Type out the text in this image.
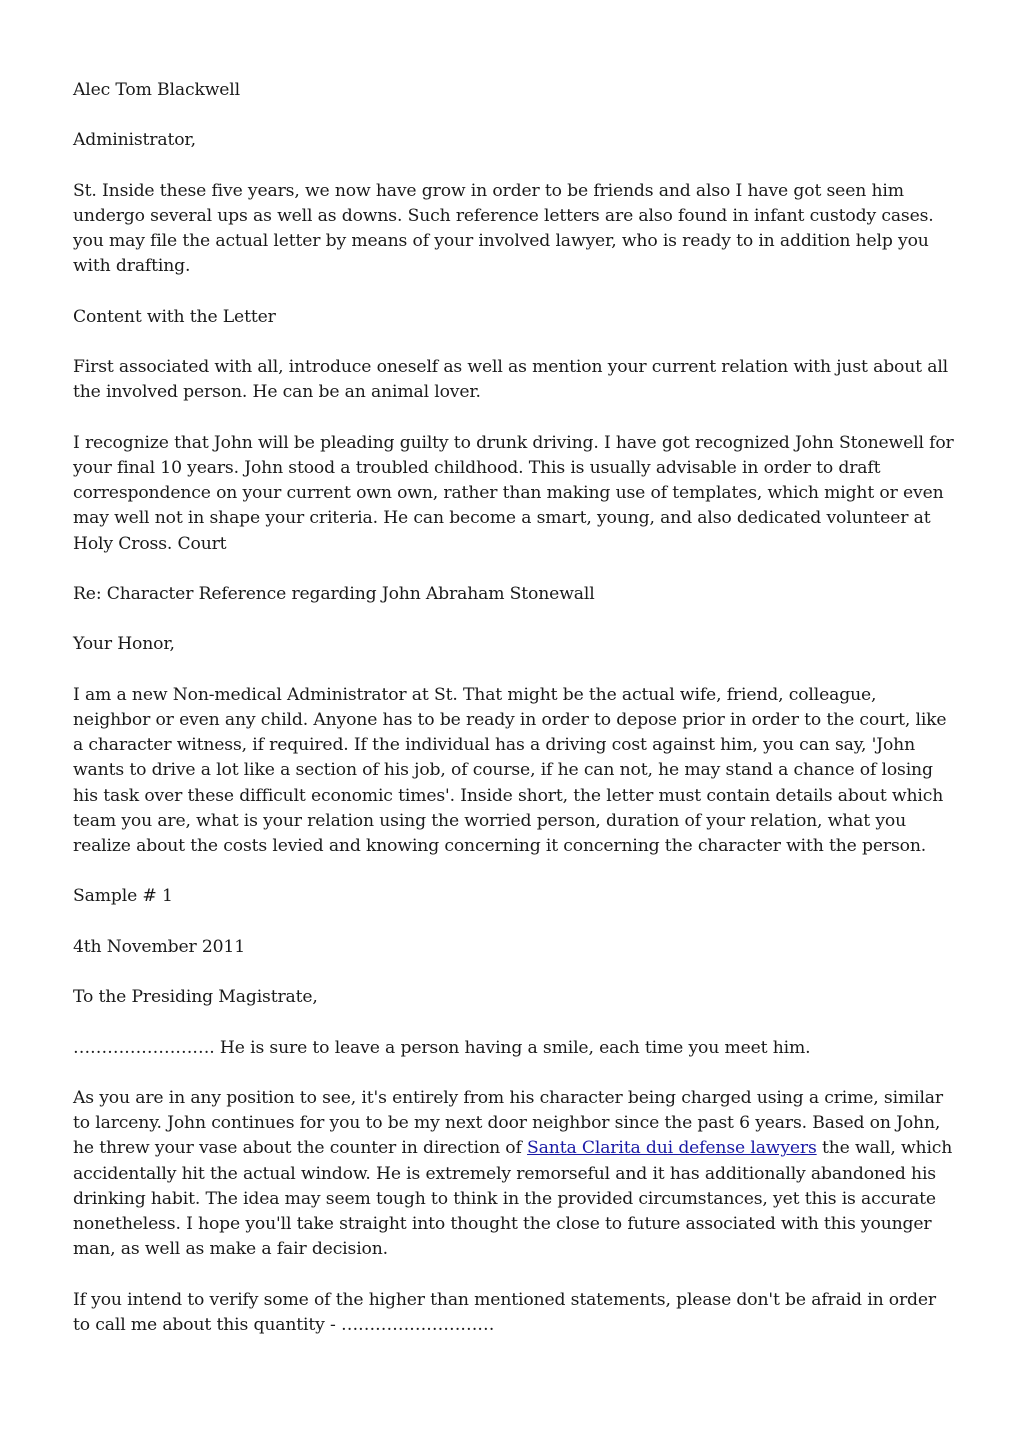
Alec Tom Blackwell

Administrator,

St. Inside these five years, we now have grow in order to be friends and also I have got seen him undergo several ups as well as downs. Such reference letters are also found in infant custody cases. you may file the actual letter by means of your involved lawyer, who is ready to in addition help you with drafting.

Content with the Letter

First associated with all, introduce oneself as well as mention your current relation with just about all the involved person. He can be an animal lover.

I recognize that John will be pleading guilty to drunk driving. I have got recognized John Stonewell for your final 10 years. John stood a troubled childhood. This is usually advisable in order to draft correspondence on your current own own, rather than making use of templates, which might or even may well not in shape your criteria. He can become a smart, young, and also dedicated volunteer at Holy Cross. Court

Re: Character Reference regarding John Abraham Stonewall

Your Honor,

I am a new Non-medical Administrator at St. That might be the actual wife, friend, colleague, neighbor or even any child. Anyone has to be ready in order to depose prior in order to the court, like a character witness, if required. If the individual has a driving cost against him, you can say, 'John wants to drive a lot like a section of his job, of course, if he can not, he may stand a chance of losing his task over these difficult economic times'. Inside short, the letter must contain details about which team you are, what is your relation using the worried person, duration of your relation, what you realize about the costs levied and knowing concerning it concerning the character with the person.

Sample # 1

4th November 2011

To the Presiding Magistrate,

……………………. He is sure to leave a person having a smile, each time you meet him.

As you are in any position to see, it's entirely from his character being charged using a crime, similar to larceny. John continues for you to be my next door neighbor since the past 6 years. Based on John, he threw your vase about the counter in direction of Santa Clarita dui defense lawyers the wall, which accidentally hit the actual window. He is extremely remorseful and it has additionally abandoned his drinking habit. The idea may seem tough to think in the provided circumstances, yet this is accurate nonetheless. I hope you'll take straight into thought the close to future associated with this younger man, as well as make a fair decision.

If you intend to verify some of the higher than mentioned statements, please don't be afraid in order to call me about this quantity - ………………………
